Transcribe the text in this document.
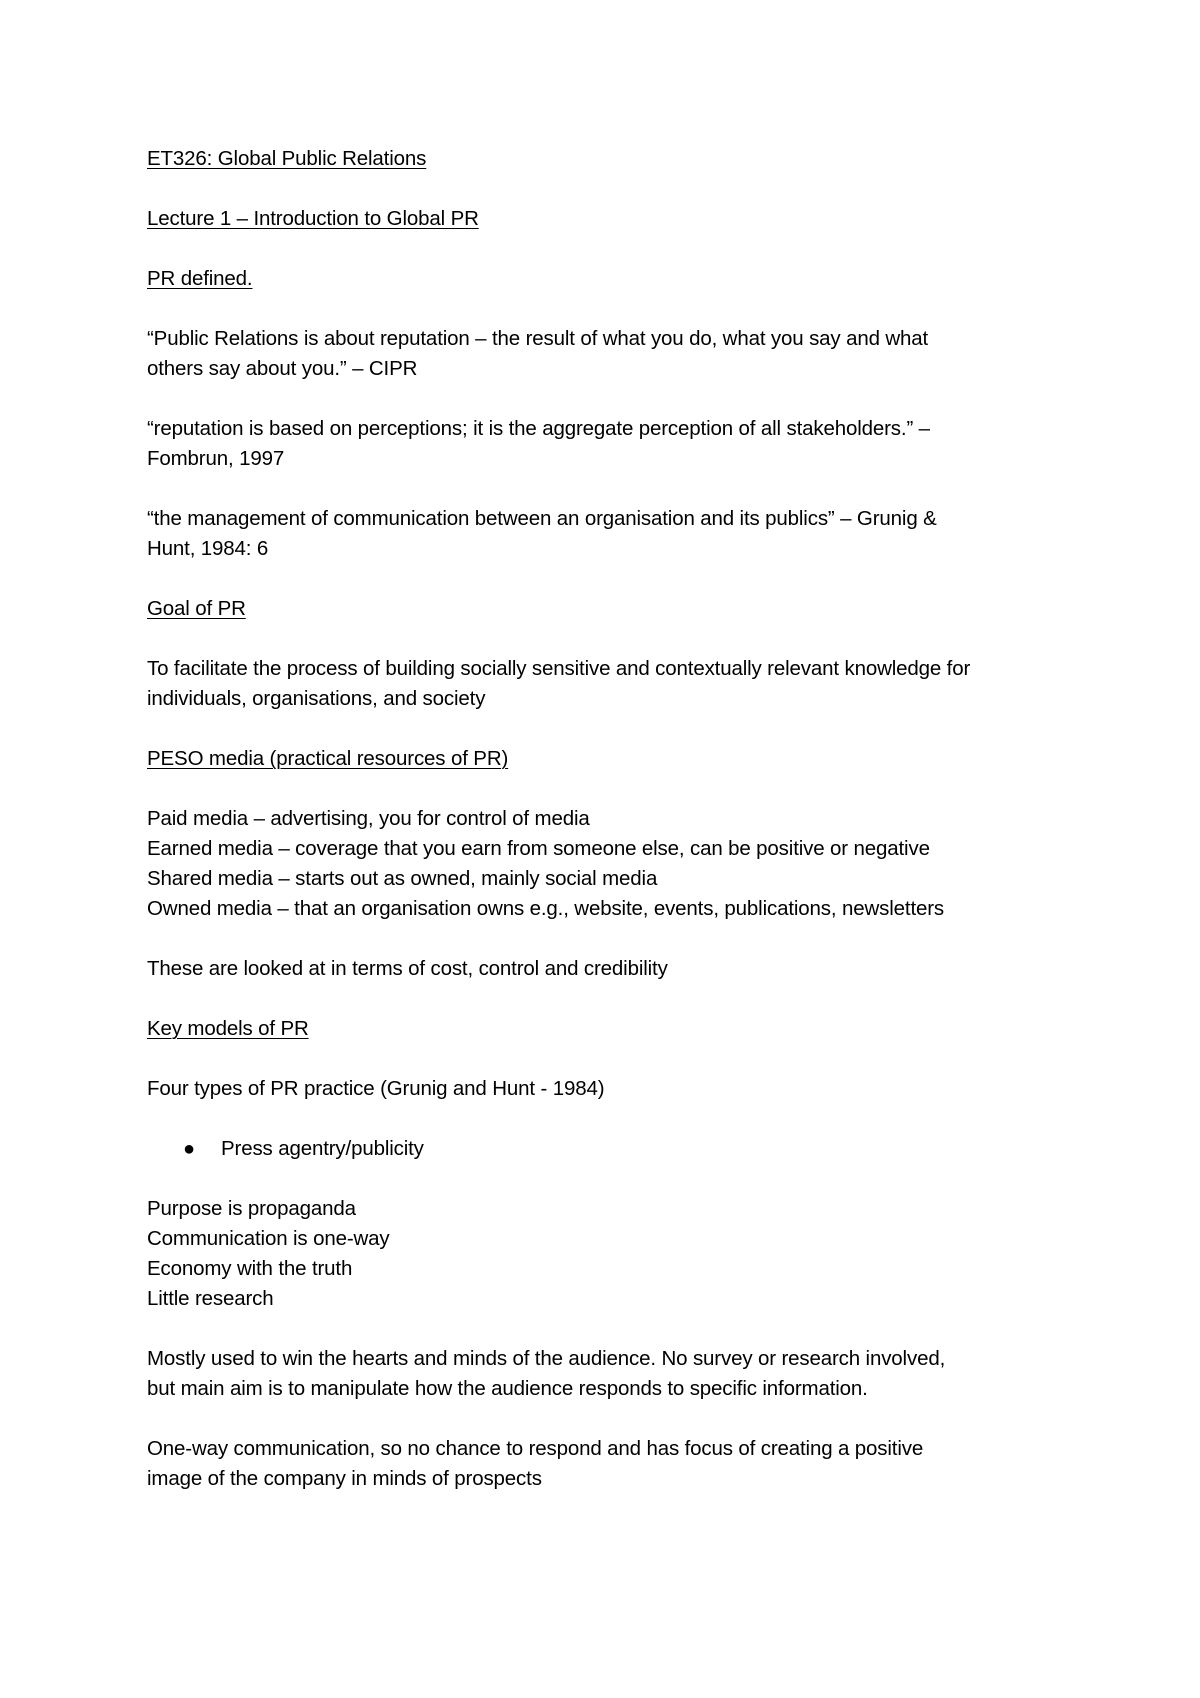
ET326: Global Public Relations

Lecture 1 – Introduction to Global PR

PR defined.

“Public Relations is about reputation – the result of what you do, what you say and what

others say about you.” – CIPR

“reputation is based on perceptions; it is the aggregate perception of all stakeholders.” –

Fombrun, 1997

“the management of communication between an organisation and its publics” – Grunig &

Hunt, 1984: 6

Goal of PR

To facilitate the process of building socially sensitive and contextually relevant knowledge for

individuals, organisations, and society

PESO media (practical resources of PR)

Paid media – advertising, you for control of media

Earned media – coverage that you earn from someone else, can be positive or negative

Shared media – starts out as owned, mainly social media

Owned media – that an organisation owns e.g., website, events, publications, newsletters

These are looked at in terms of cost, control and credibility

Key models of PR

Four types of PR practice (Grunig and Hunt - 1984)

●	Press agentry/publicity

Purpose is propaganda

Communication is one-way

Economy with the truth

Little research

Mostly used to win the hearts and minds of the audience. No survey or research involved,

but main aim is to manipulate how the audience responds to specific information.

One-way communication, so no chance to respond and has focus of creating a positive

image of the company in minds of prospects
